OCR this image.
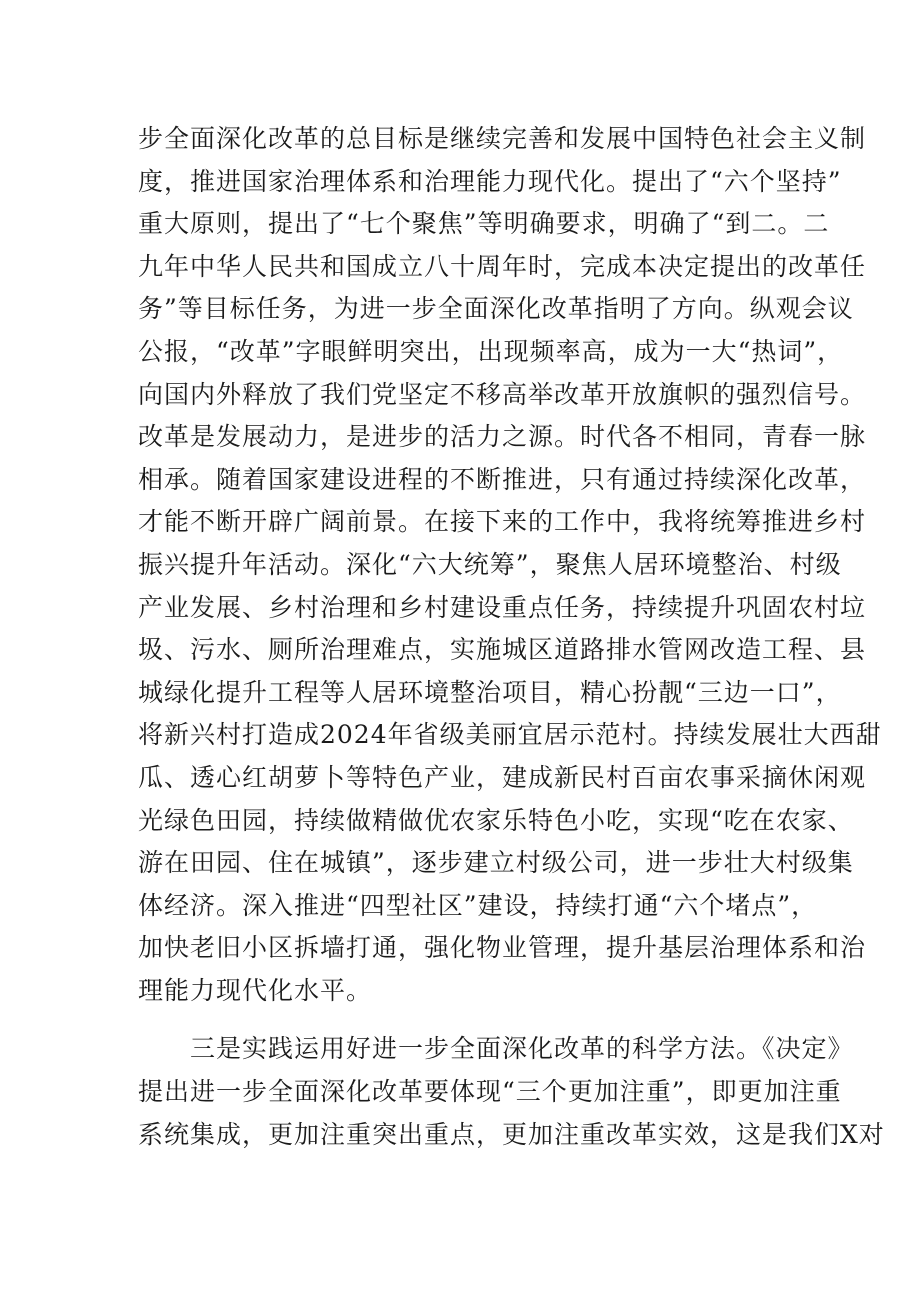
步全面深化改革的总目标是继续完善和发展中国特色社会主义制
度，推进国家治理体系和治理能力现代化。提出了“六个坚持”
重大原则，提出了“七个聚焦”等明确要求，明确了“到二。二
九年中华人民共和国成立八十周年时，完成本决定提出的改革任
务”等目标任务，为进一步全面深化改革指明了方向。纵观会议
公报，“改革”字眼鲜明突出，出现频率高，成为一大“热词”，
向国内外释放了我们党坚定不移高举改革开放旗帜的强烈信号。
改革是发展动力，是进步的活力之源。时代各不相同，青春一脉
相承。随着国家建设进程的不断推进，只有通过持续深化改革，
才能不断开辟广阔前景。在接下来的工作中，我将统筹推进乡村
振兴提升年活动。深化“六大统筹”，聚焦人居环境整治、村级
产业发展、乡村治理和乡村建设重点任务，持续提升巩固农村垃
圾、污水、厕所治理难点，实施城区道路排水管网改造工程、县
城绿化提升工程等人居环境整治项目，精心扮靓“三边一口”，
将新兴村打造成2024年省级美丽宜居示范村。持续发展壮大西甜
瓜、透心红胡萝卜等特色产业，建成新民村百亩农事采摘休闲观
光绿色田园，持续做精做优农家乐特色小吃，实现“吃在农家、
游在田园、住在城镇”，逐步建立村级公司，进一步壮大村级集
体经济。深入推进“四型社区”建设，持续打通“六个堵点”，
加快老旧小区拆墙打通，强化物业管理，提升基层治理体系和治
理能力现代化水平。
三是实践运用好进一步全面深化改革的科学方法。《决定》
提出进一步全面深化改革要体现“三个更加注重”，即更加注重
系统集成，更加注重突出重点，更加注重改革实效，这是我们X对
